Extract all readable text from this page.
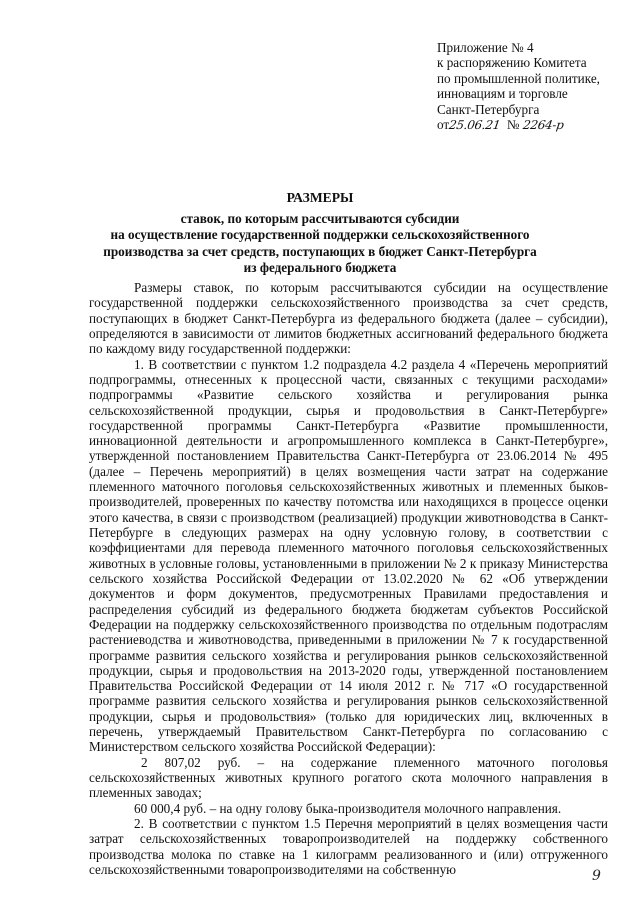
Приложение № 4
к распоряжению Комитета
по промышленной политике,
инновациям и торговле
Санкт-Петербурга
от25.06.21 № 2264-р
РАЗМЕРЫ
ставок, по которым рассчитываются субсидии
на осуществление государственной поддержки сельскохозяйственного
производства за счет средств, поступающих в бюджет Санкт-Петербурга
из федерального бюджета

Размеры ставок, по которым рассчитываются субсидии на осуществление государственной поддержки сельскохозяйственного производства за счет средств, поступающих в бюджет Санкт-Петербурга из федерального бюджета (далее – субсидии), определяются в зависимости от лимитов бюджетных ассигнований федерального бюджета по каждому виду государственной поддержки:

1. В соответствии с пунктом 1.2 подраздела 4.2 раздела 4 «Перечень мероприятий подпрограммы, отнесенных к процессной части, связанных с текущими расходами» подпрограммы «Развитие сельского хозяйства и регулирования рынка сельскохозяйственной продукции, сырья и продовольствия в Санкт-Петербурге» государственной программы Санкт-Петербурга «Развитие промышленности, инновационной деятельности и агропромышленного комплекса в Санкт-Петербурге», утвержденной постановлением Правительства Санкт-Петербурга от 23.06.2014 № 495 (далее – Перечень мероприятий) в целях возмещения части затрат на содержание племенного маточного поголовья сельскохозяйственных животных и племенных быков-производителей, проверенных по качеству потомства или находящихся в процессе оценки этого качества, в связи с производством (реализацией) продукции животноводства в Санкт-Петербурге в следующих размерах на одну условную голову, в соответствии с коэффициентами для перевода племенного маточного поголовья сельскохозяйственных животных в условные головы, установленными в приложении № 2 к приказу Министерства сельского хозяйства Российской Федерации от 13.02.2020 № 62 «Об утверждении документов и форм документов, предусмотренных Правилами предоставления и распределения субсидий из федерального бюджета бюджетам субъектов Российской Федерации на поддержку сельскохозяйственного производства по отдельным подотраслям растениеводства и животноводства, приведенными в приложении № 7 к государственной программе развития сельского хозяйства и регулирования рынков сельскохозяйственной продукции, сырья и продовольствия на 2013-2020 годы, утвержденной постановлением Правительства Российской Федерации от 14 июля 2012 г. № 717 «О государственной программе развития сельского хозяйства и регулирования рынков сельскохозяйственной продукции, сырья и продовольствия» (только для юридических лиц, включенных в перечень, утверждаемый Правительством Санкт-Петербурга по согласованию с Министерством сельского хозяйства Российской Федерации):

2 807,02 руб. – на содержание племенного маточного поголовья сельскохозяйственных животных крупного рогатого скота молочного направления в племенных заводах;

60 000,4 руб. – на одну голову быка-производителя молочного направления.

2. В соответствии с пунктом 1.5 Перечня мероприятий в целях возмещения части затрат сельскохозяйственных товаропроизводителей на поддержку собственного производства молока по ставке на 1 килограмм реализованного и (или) отгруженного сельскохозяйственными товаропроизводителями на собственную	9
